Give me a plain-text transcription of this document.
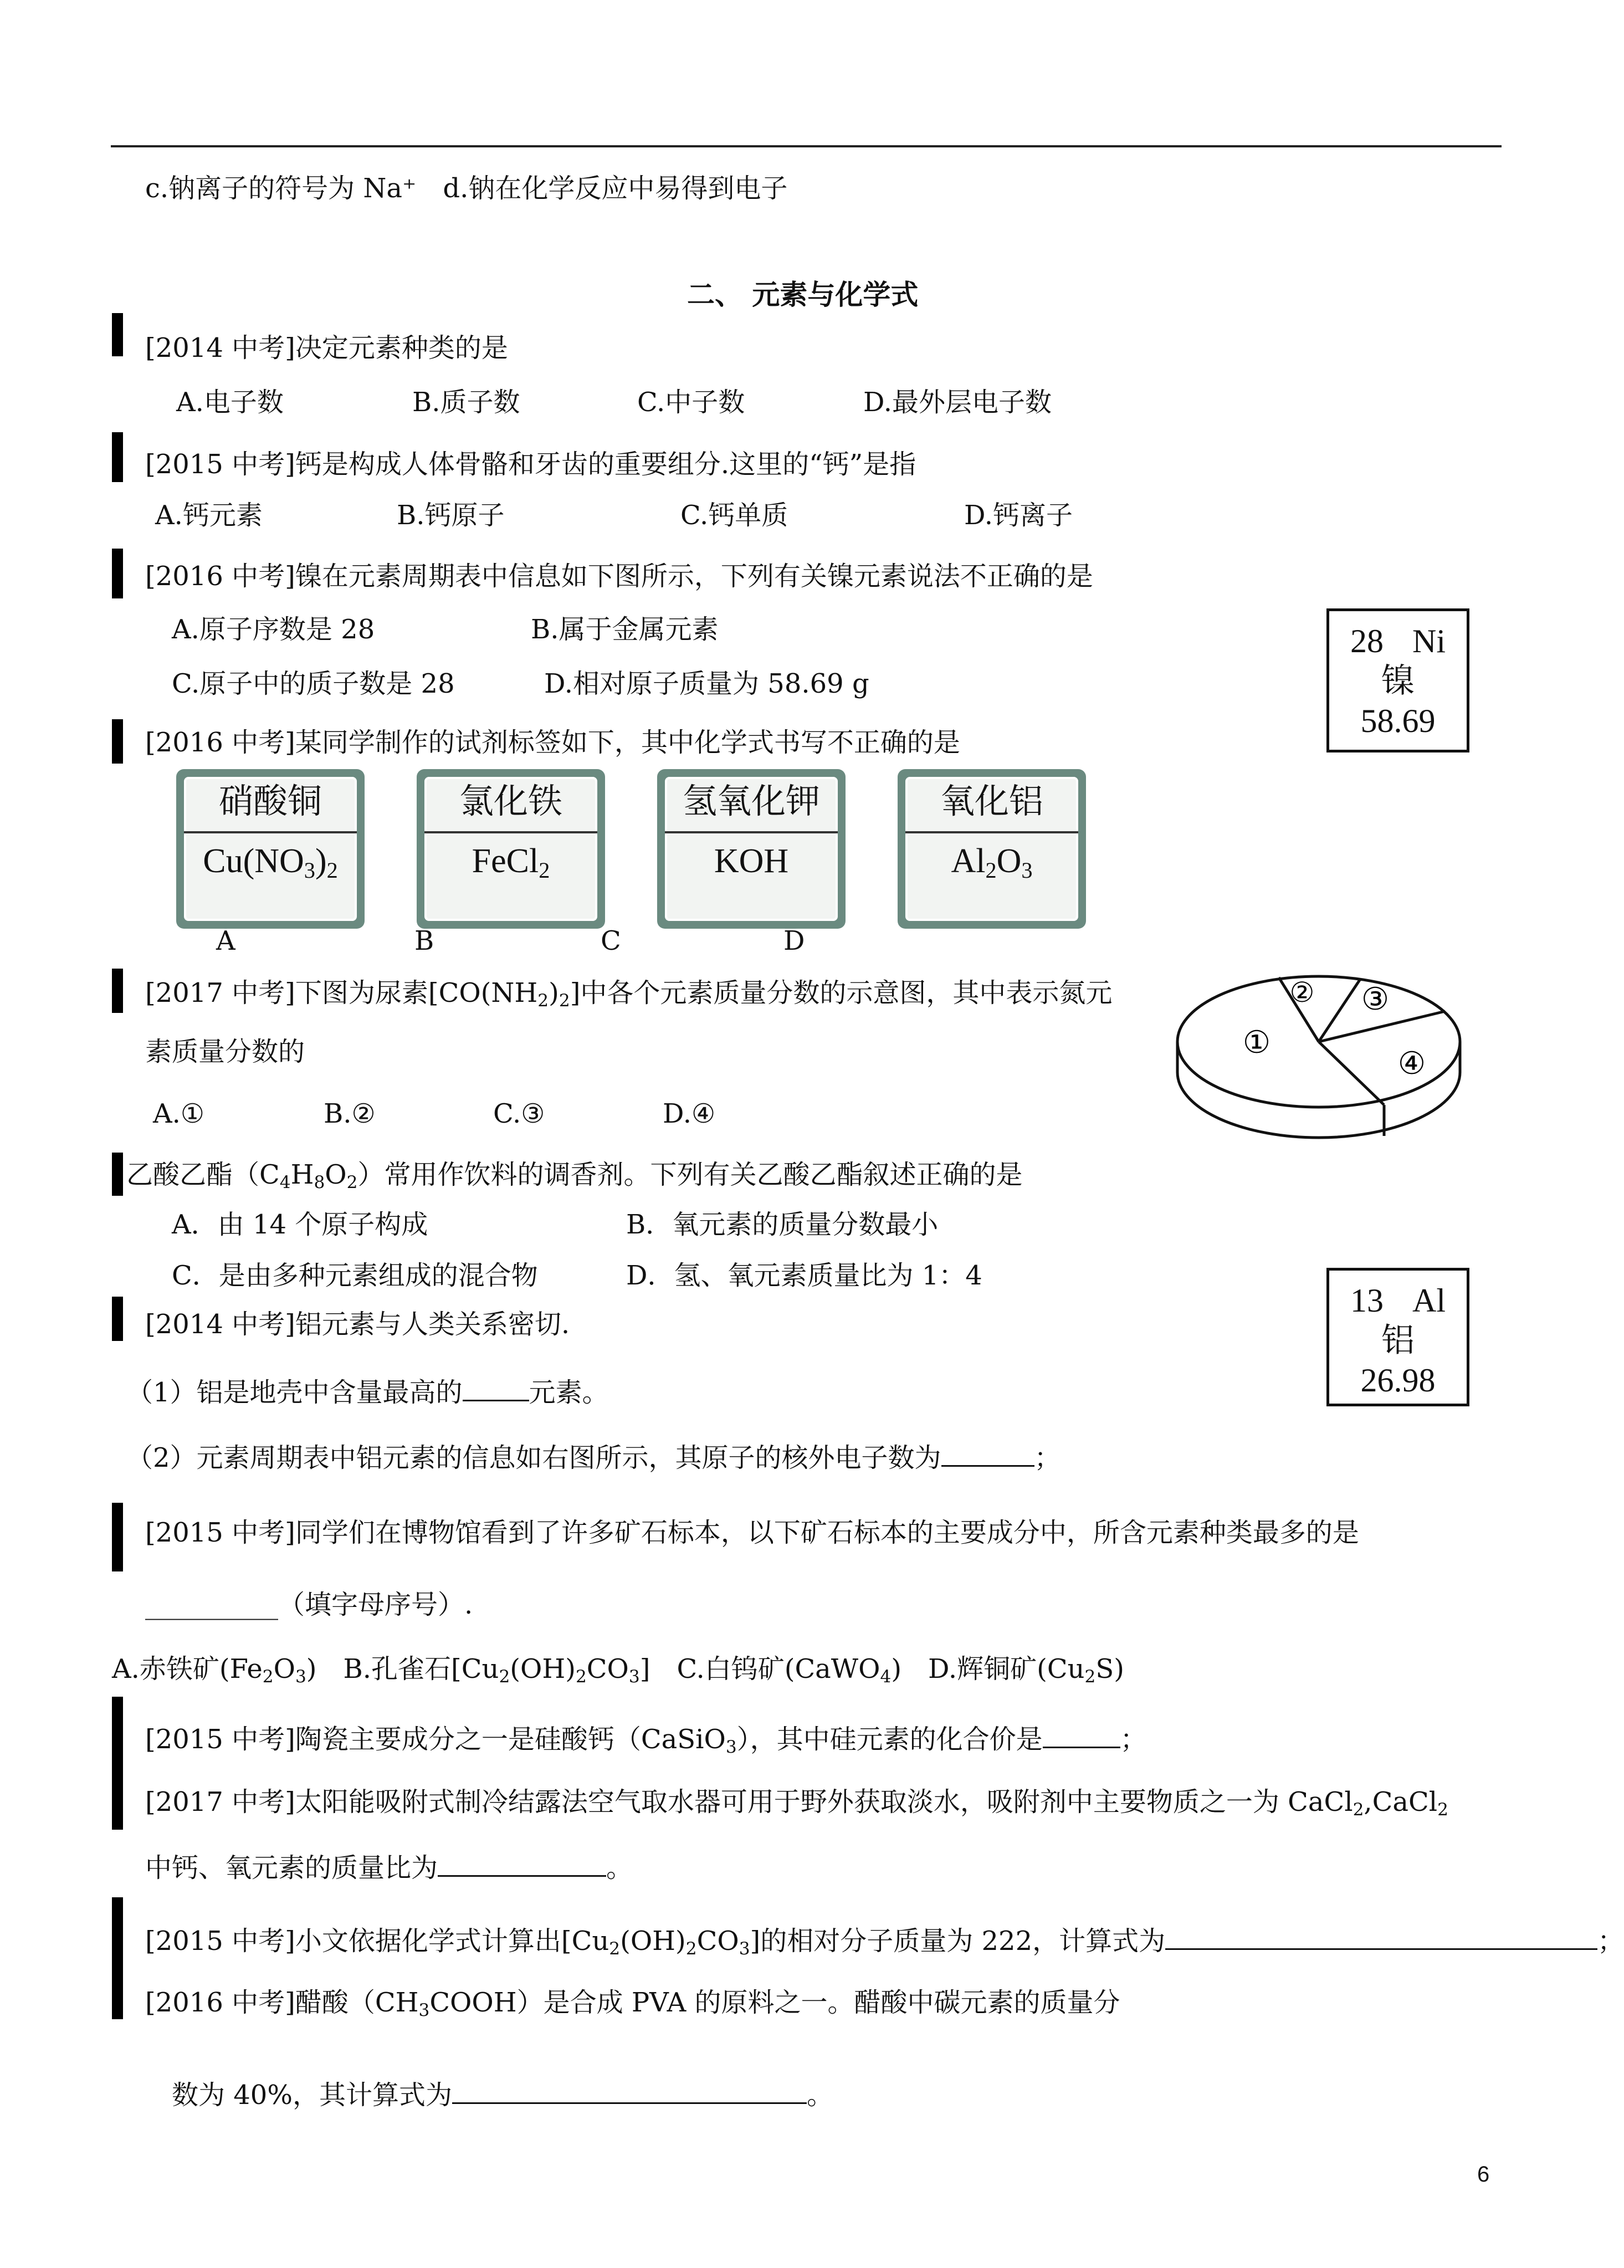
c.钠离子的符号为 Na⁺　d.钠在化学反应中易得到电子
二、 元素与化学式
[2014 中考]决定元素种类的是
A.电子数	B.质子数	C.中子数	D.最外层电子数
[2015 中考]钙是构成人体骨骼和牙齿的重要组分.这里的“钙”是指
A.钙元素	B.钙原子	C.钙单质	D.钙离子
[2016 中考]镍在元素周期表中信息如下图所示，下列有关镍元素说法不正确的是
A.原子序数是 28	B.属于金属元素
C.原子中的质子数是 28	D.相对原子质量为 58.69 g
28 Ni
镍
58.69
[2016 中考]某同学制作的试剂标签如下，其中化学式书写不正确的是
硝酸铜
$Cu(NO_3)_2$
氯化铁
FeCl$_2$
氢氧化钾
KOH
氧化铝
$Al_2O_3$
A	B	C	D
[2017 中考]下图为尿素$[CO(NH_2)_2]$中各个元素质量分数的示意图，其中表示氮元
素质量分数的
A.①	B.②	C.③	D.④
①
② ③
④
乙酸乙酯$(C_4H_8O_2)$常用作饮料的调香剂。下列有关乙酸乙酯叙述正确的是
A．由 14 个原子构成	B．氧元素的质量分数最小
C．是由多种元素组成的混合物	D．氢、氧元素质量比为 1：4
[2014 中考]铝元素与人类关系密切.
（1）铝是地壳中含量最高的	元素。
（2）元素周期表中铝元素的信息如右图所示，其原子的核外电子数为	；
13 Al
铝
26.98
[2015 中考]同学们在博物馆看到了许多矿石标本，以下矿石标本的主要成分中，所含元素种类最多的是
__________（填字母序号）.
A.赤铁矿$(Fe_2O_3)$　B.孔雀石$[Cu_2(OH)_2CO_3]$　C.白钨矿(CaWO$_4$)　D.辉铜矿$(Cu_2S)$
[2015 中考]陶瓷主要成分之一是硅酸钙（CaSiO$_3$），其中硅元素的化合价是	；
[2017 中考]太阳能吸附式制冷结露法空气取水器可用于野外获取淡水，吸附剂中主要物质之一为 CaCl$_2$,CaCl$_2$
中钙、氧元素的质量比为	。
[2015 中考]小文依据化学式计算出$[Cu_2(OH)_2CO_3]$的相对分子质量为 222，计算式为	；
[2016 中考]醋酸$(CH_3COOH)$是合成 PVA 的原料之一。醋酸中碳元素的质量分
数为 40%，其计算式为	。
6
